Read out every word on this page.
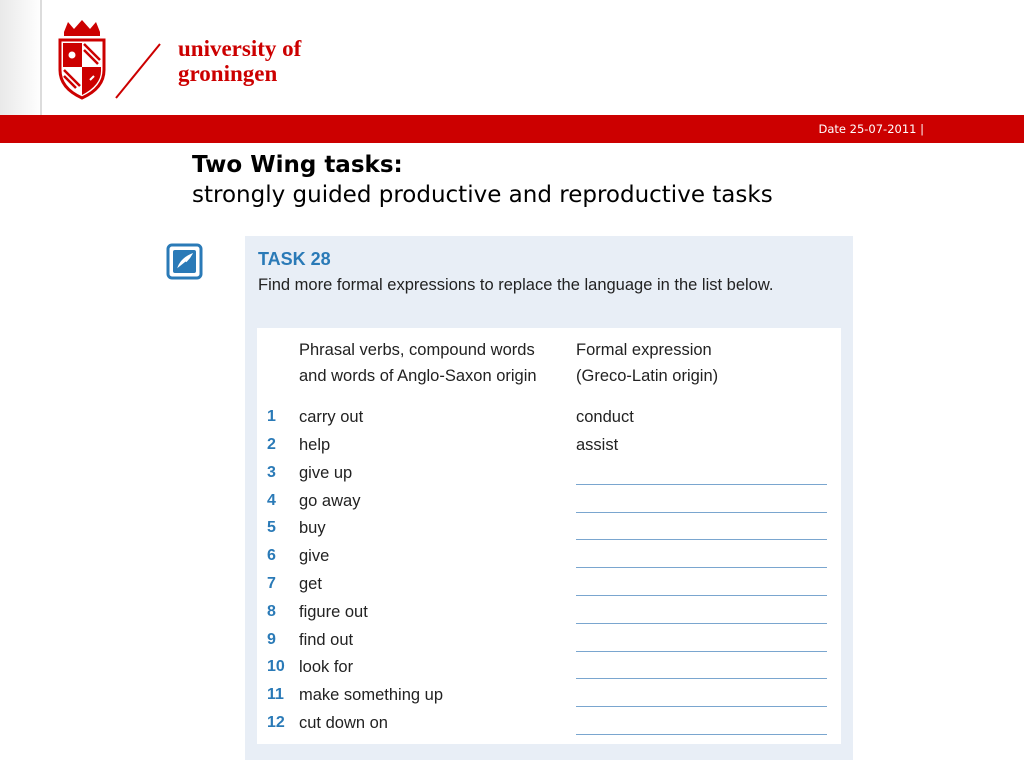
university of
groningen
Date 25-07-2011 |
Two Wing tasks:
strongly guided productive and reproductive tasks
TASK 28
Find more formal expressions to replace the language in the list below.
Phrasal verbs, compound words
and words of Anglo-Saxon origin
Formal expression
(Greco-Latin origin)
1 carry out	conduct
2 help	assist
3 give up
4 go away
5 buy
6 give
7 get
8 figure out
9 find out
10 look for
11 make something up
12 cut down on
